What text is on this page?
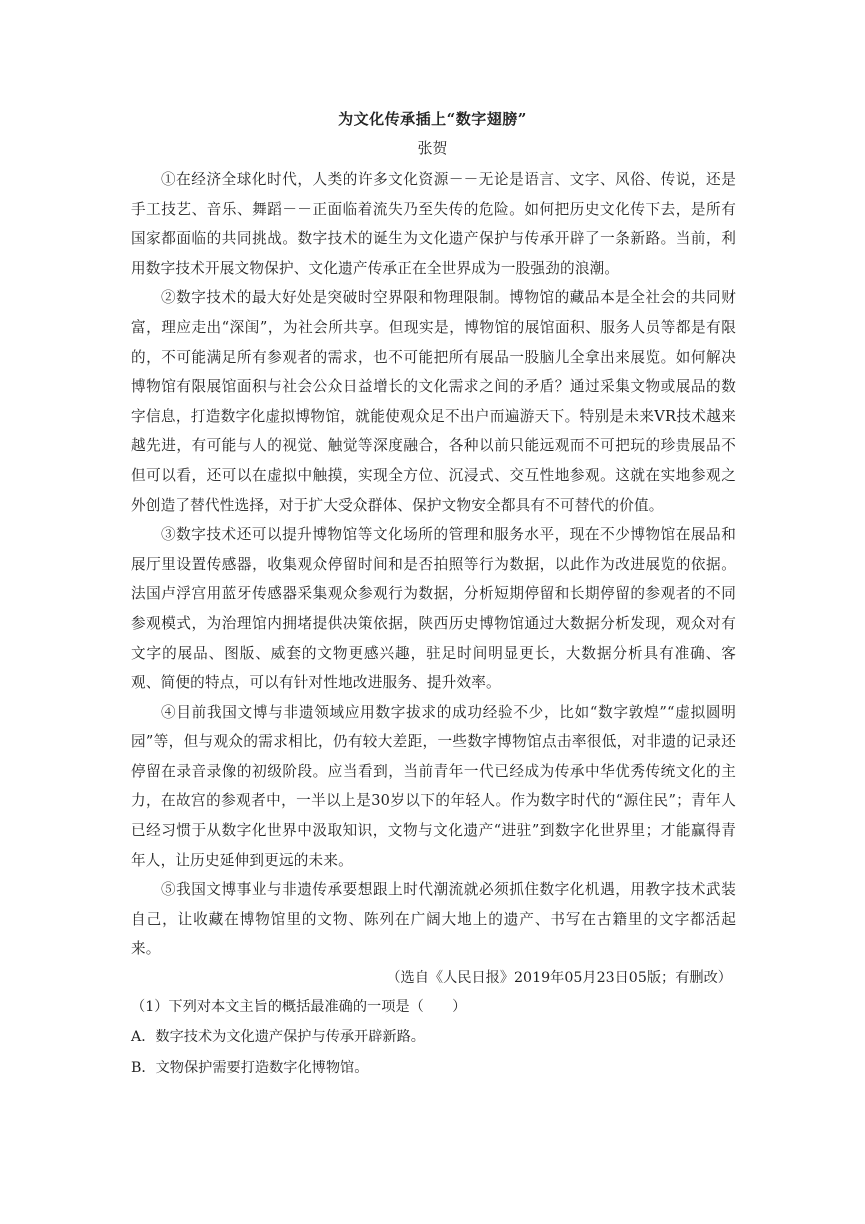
为文化传承插上“数字翅膀”
张贺

①在经济全球化时代，人类的许多文化资源－－无论是语言、文字、风俗、传说，还是手工技艺、音乐、舞蹈－－正面临着流失乃至失传的危险。如何把历史文化传下去，是所有国家都面临的共同挑战。数字技术的诞生为文化遗产保护与传承开辟了一条新路。当前，利用数字技术开展文物保护、文化遗产传承正在全世界成为一股强劲的浪潮。

②数字技术的最大好处是突破时空界限和物理限制。博物馆的藏品本是全社会的共同财富，理应走出“深闺”，为社会所共享。但现实是，博物馆的展馆面积、服务人员等都是有限的，不可能满足所有参观者的需求，也不可能把所有展品一股脑儿全拿出来展览。如何解决博物馆有限展馆面积与社会公众日益增长的文化需求之间的矛盾？通过采集文物或展品的数字信息，打造数字化虚拟博物馆，就能使观众足不出户而遍游天下。特别是未来VR技术越来越先进，有可能与人的视觉、触觉等深度融合，各种以前只能远观而不可把玩的珍贵展品不但可以看，还可以在虚拟中触摸，实现全方位、沉浸式、交互性地参观。这就在实地参观之外创造了替代性选择，对于扩大受众群体、保护文物安全都具有不可替代的价值。

③数字技术还可以提升博物馆等文化场所的管理和服务水平，现在不少博物馆在展品和展厅里设置传感器，收集观众停留时间和是否拍照等行为数据，以此作为改进展览的依据。法国卢浮宫用蓝牙传感器采集观众参观行为数据，分析短期停留和长期停留的参观者的不同参观模式，为治理馆内拥堵提供决策依据，陕西历史博物馆通过大数据分析发现，观众对有文字的展品、图版、威套的文物更感兴趣，驻足时间明显更长，大数据分析具有准确、客观、简便的特点，可以有针对性地改进服务、提升效率。

④目前我国文博与非遗领域应用数字拔求的成功经验不少，比如“数字敦煌”“虚拟圆明园”等，但与观众的需求相比，仍有较大差距，一些数字博物馆点击率很低，对非遗的记录还停留在录音录像的初级阶段。应当看到，当前青年一代已经成为传承中华优秀传统文化的主力，在故宫的参观者中，一半以上是30岁以下的年轻人。作为数字时代的“源住民”；青年人已经习惯于从数字化世界中汲取知识，文物与文化遗产“进驻”到数字化世界里；才能赢得青年人，让历史延伸到更远的未来。

⑤我国文博事业与非遗传承要想跟上时代潮流就必须抓住数字化机遇，用教字技术武装自己，让收藏在博物馆里的文物、陈列在广阔大地上的遗产、书写在古籍里的文字都活起来。

（选自《人民日报》2019年05月23日05版；有删改）

（1）下列对本文主旨的概括最准确的一项是（　　）

A．数字技术为文化遗产保护与传承开辟新路。

B．文物保护需要打造数字化博物馆。
